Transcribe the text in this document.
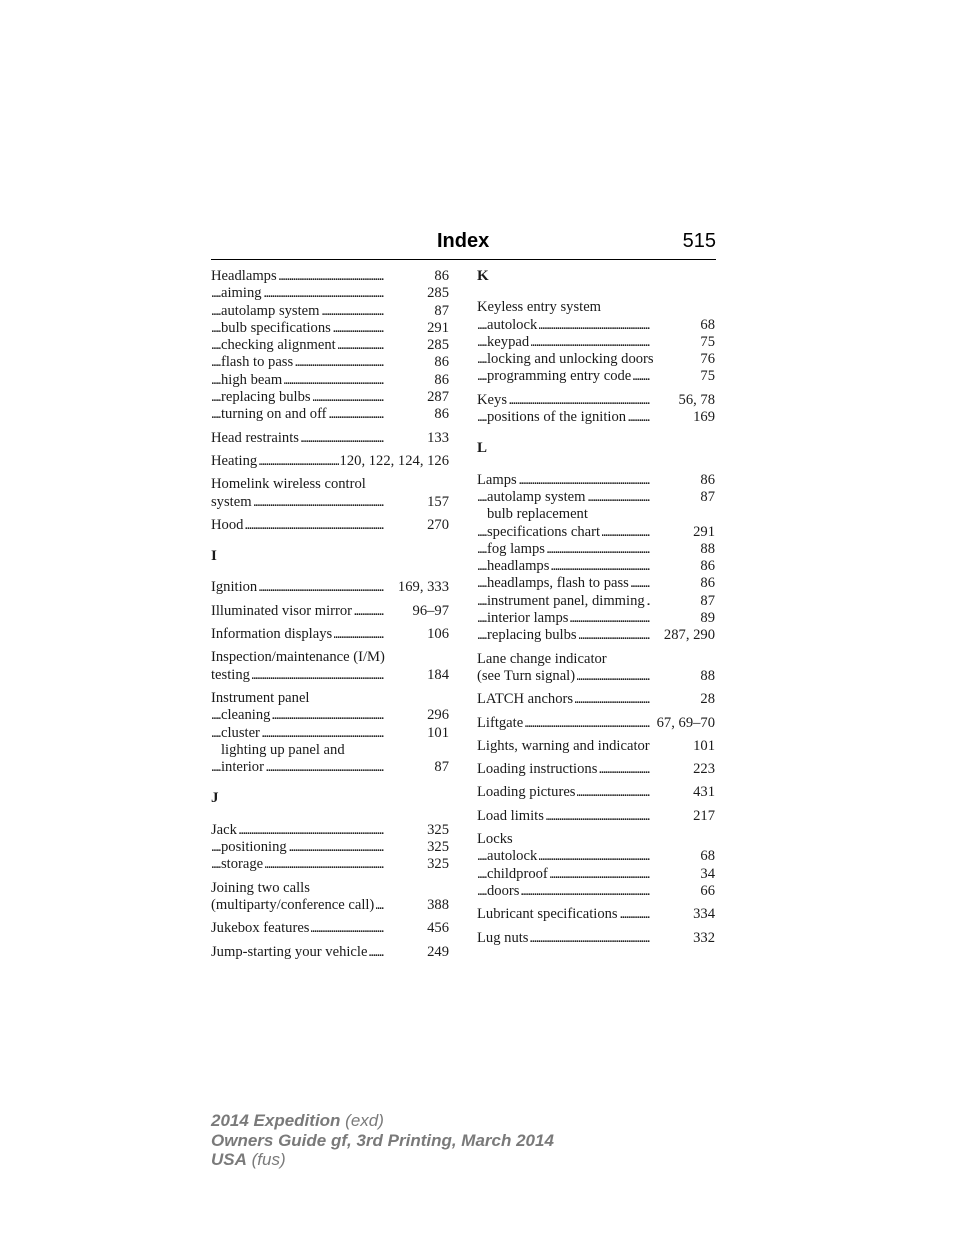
Index	515
. . . Headlamps	86
. . . aiming	285
. . . autolamp system	87
. . . bulb specifications	291
. . . checking alignment	285
. . . flash to pass	86
. . . high beam	86
. . . replacing bulbs	287
. . . turning on and off	86
. . . Head restraints	133
. . . Heating	120, 122, 124, 126
Homelink wireless control
. . . system	157
. . . Hood	270
I
. . . Ignition	169, 333
. . . Illuminated visor mirror	96–97
. . . Information displays	106
Inspection/maintenance (I/M)
. . . testing	184
Instrument panel
. . . cleaning	296
. . . cluster	101
lighting up panel and
. . . interior	87
J
. . . Jack	325
. . . positioning	325
. . . storage	325
Joining two calls
. . . (multiparty/conference call)	388
. . . Jukebox features	456
. . . Jump-starting your vehicle	249
K
Keyless entry system
. . . autolock	68
. . . keypad	75
. . . locking and unlocking doors	76
. . . programming entry code	75
. . . Keys	56, 78
. . . positions of the ignition	169
L
. . . Lamps	86
. . . autolamp system	87
bulb replacement
. . . specifications chart	291
. . . fog lamps	88
. . . headlamps	86
. . . headlamps, flash to pass	86
. . . instrument panel, dimming	87
. . . interior lamps	89
. . . replacing bulbs	287, 290
Lane change indicator
. . . (see Turn signal)	88
. . . LATCH anchors	28
. . . Liftgate	67, 69–70
. . . Lights, warning and indicator	101
. . . Loading instructions	223
. . . Loading pictures	431
. . . Load limits	217
Locks
. . . autolock	68
. . . childproof	34
. . . doors	66
. . . Lubricant specifications	334
. . . Lug nuts	332
2014 Expedition (exd)
Owners Guide gf, 3rd Printing, March 2014
USA (fus)
